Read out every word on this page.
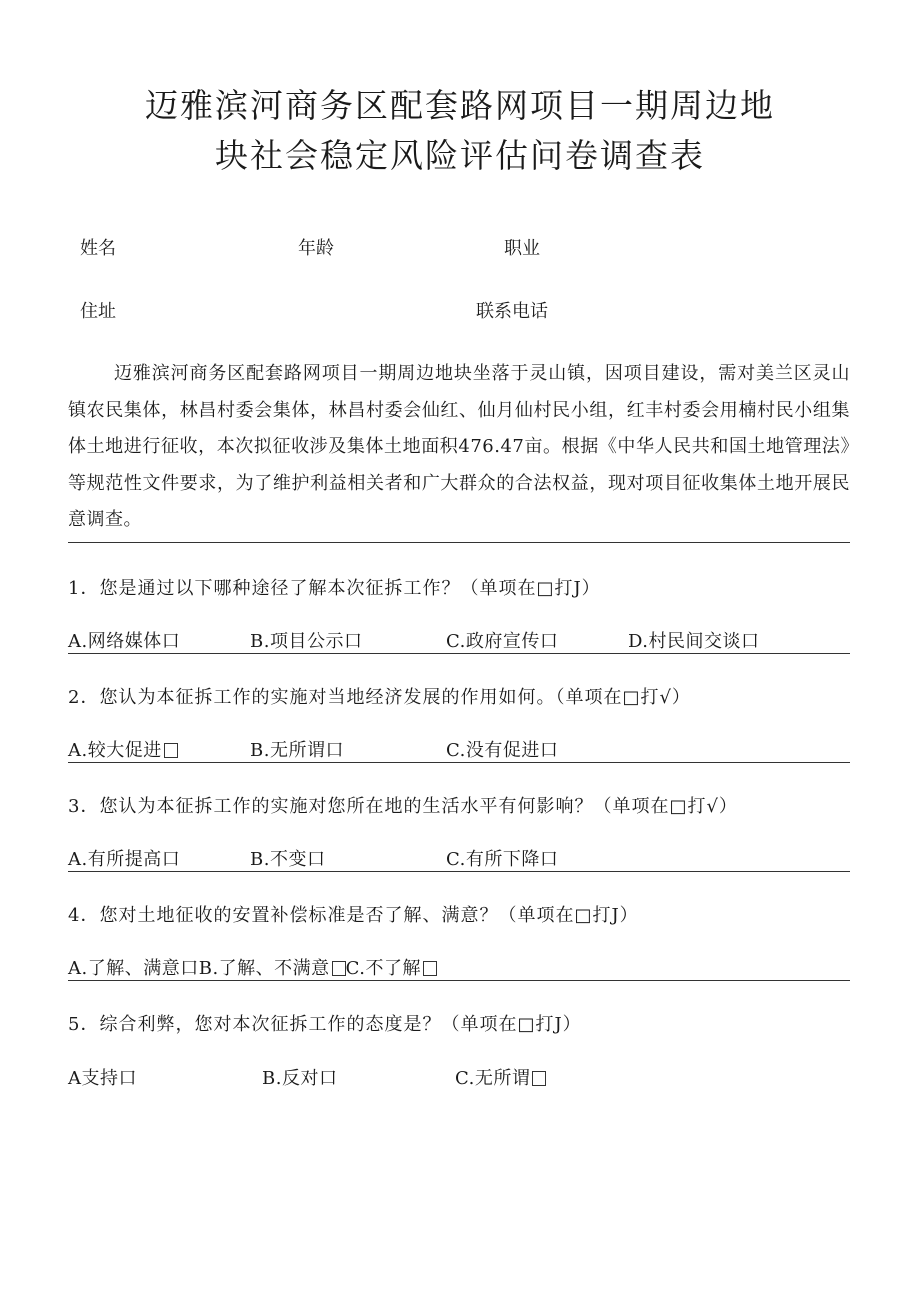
迈雅滨河商务区配套路网项目一期周边地
块社会稳定风险评估问卷调查表
姓名	年龄	职业
住址	联系电话
迈雅滨河商务区配套路网项目一期周边地块坐落于灵山镇，因项目建设，需对美兰区灵山镇农民集体，林昌村委会集体，林昌村委会仙红、仙月仙村民小组，红丰村委会用楠村民小组集体土地进行征收，本次拟征收涉及集体土地面积476.47亩。根据《中华人民共和国土地管理法》等规范性文件要求，为了维护利益相关者和广大群众的合法权益，现对项目征收集体土地开展民意调查。
1．您是通过以下哪种途径了解本次征拆工作？（单项在□打J）
A.网络媒体口	B.项目公示口	C.政府宣传口	D.村民间交谈口
2．您认为本征拆工作的实施对当地经济发展的作用如何。（单项在□打√）
A.较大促进	B.无所谓口	C.没有促进口
3．您认为本征拆工作的实施对您所在地的生活水平有何影响？（单项在□打√）
A.有所提高口	B.不变口	C.有所下降口
4．您对土地征收的安置补偿标准是否了解、满意？（单项在□打J）
A.了解、满意口B.了解、不满意 C.不了解
5．综合利弊，您对本次征拆工作的态度是？（单项在□打J）
A支持口	B.反对口	C.无所谓
